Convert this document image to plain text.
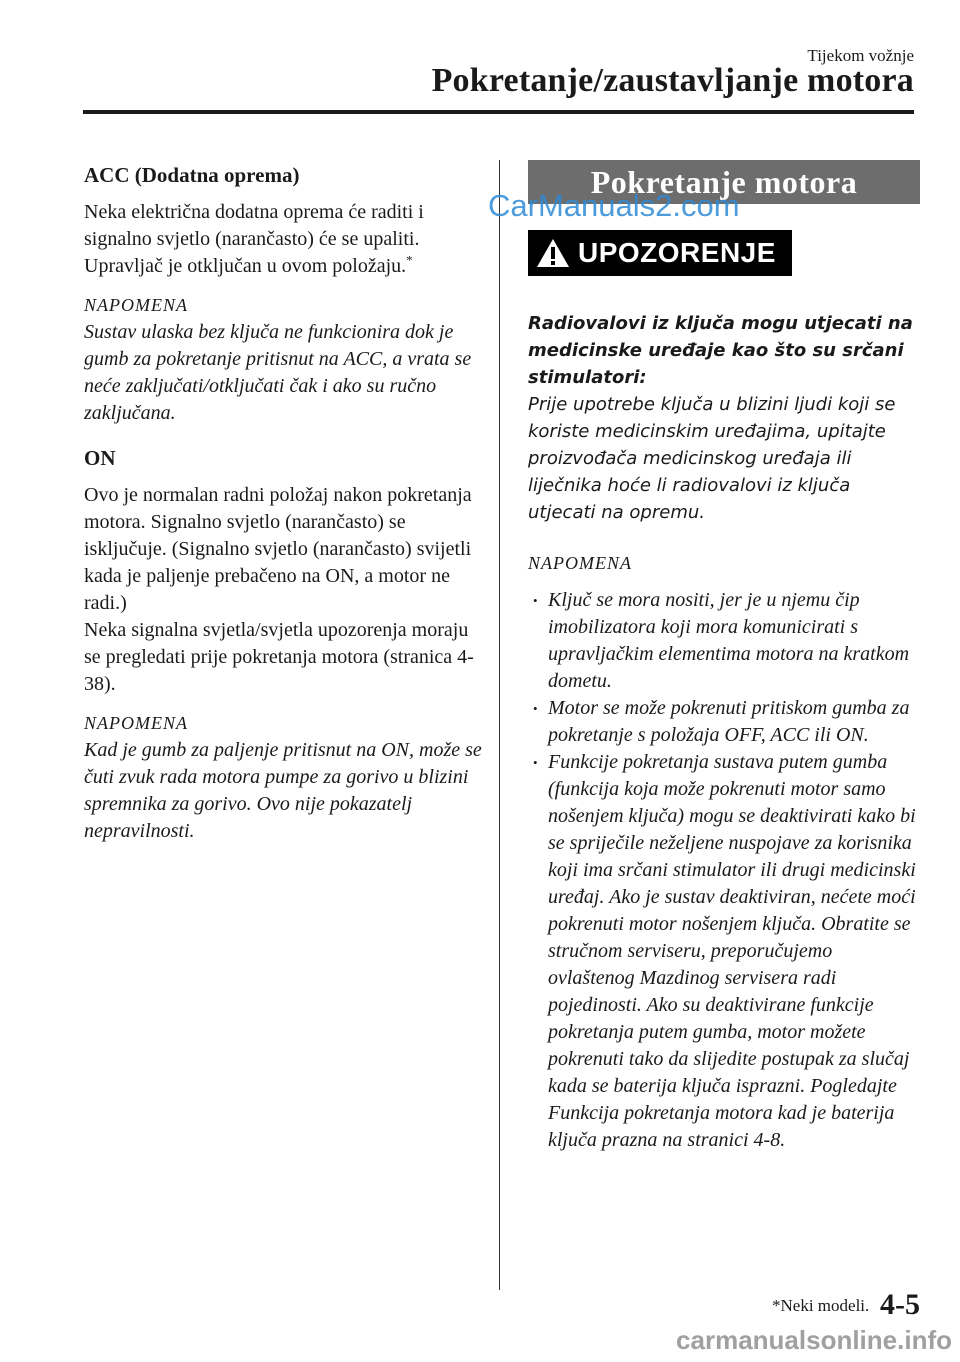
Tijekom vožnje
Pokretanje/zaustavljanje motora

ACC (Dodatna oprema)

Neka električna dodatna oprema će raditi i signalno svjetlo (narančasto) će se upaliti. Upravljač je otključan u ovom položaju.*

NAPOMENA

Sustav ulaska bez ključa ne funkcionira dok je gumb za pokretanje pritisnut na ACC, a vrata se neće zaključati/otključati čak i ako su ručno zaključana.

ON

Ovo je normalan radni položaj nakon pokretanja motora. Signalno svjetlo (narančasto) se isključuje. (Signalno svjetlo (narančasto) svijetli kada je paljenje prebačeno na ON, a motor ne radi.)

Neka signalna svjetla/svjetla upozorenja moraju se pregledati prije pokretanja motora (stranica 4-38).

NAPOMENA

Kad je gumb za paljenje pritisnut na ON, može se čuti zvuk rada motora pumpe za gorivo u blizini spremnika za gorivo. Ovo nije pokazatelj nepravilnosti.

Pokretanje motora
UPOZORENJE

Radiovalovi iz ključa mogu utjecati na medicinske uređaje kao što su srčani stimulatori:

Prije upotrebe ključa u blizini ljudi koji se koriste medicinskim uređajima, upitajte proizvođača medicinskog uređaja ili liječnika hoće li radiovalovi iz ključa utjecati na opremu.

NAPOMENA

• Ključ se mora nositi, jer je u njemu čip imobilizatora koji mora komunicirati s upravljačkim elementima motora na kratkom dometu.
• Motor se može pokrenuti pritiskom gumba za pokretanje s položaja OFF, ACC ili ON.
• Funkcije pokretanja sustava putem gumba (funkcija koja može pokrenuti motor samo nošenjem ključa) mogu se deaktivirati kako bi se spriječile neželjene nuspojave za korisnika koji ima srčani stimulator ili drugi medicinski uređaj. Ako je sustav deaktiviran, nećete moći pokrenuti motor nošenjem ključa. Obratite se stručnom serviseru, preporučujemo ovlaštenog Mazdinog servisera radi pojedinosti. Ako su deaktivirane funkcije pokretanja putem gumba, motor možete pokrenuti tako da slijedite postupak za slučaj kada se baterija ključa isprazni. Pogledajte Funkcija pokretanja motora kad je baterija ključa prazna na stranici 4-8.
CarManuals2.com
*Neki modeli. 4-5
carmanualsonline.info
